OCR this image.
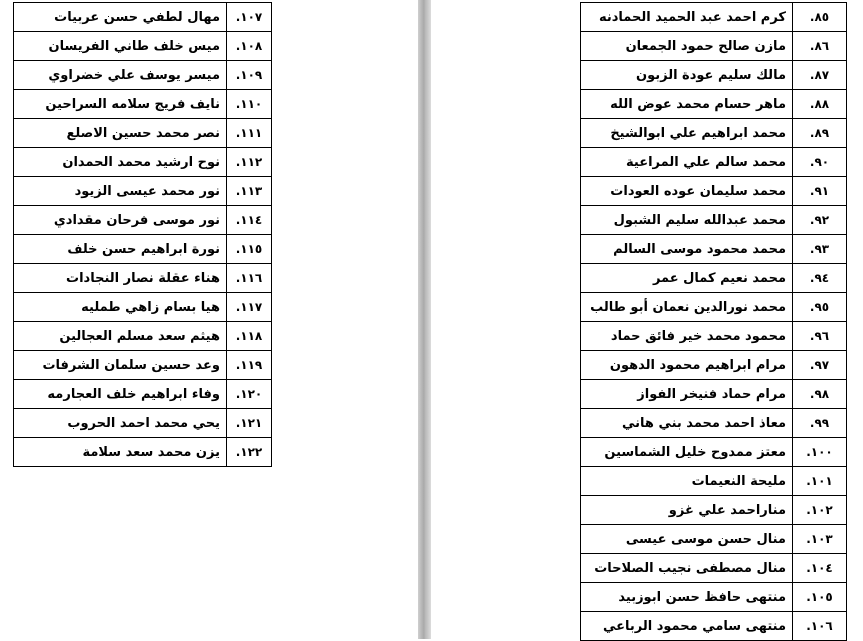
١٠٧.	مهال لطفي حسن عربيات
١٠٨.	ميس خلف طاني الفريسان
١٠٩.	ميسر يوسف علي خضراوي
١١٠.	نايف فريج سلامه السراحين
١١١.	نصر محمد حسين الاصلع
١١٢.	نوح ارشيد محمد الحمدان
١١٣.	نور محمد عيسى الزيود
١١٤.	نور موسى فرحان مقدادي
١١٥.	نورة ابراهيم حسن خلف
١١٦.	هناء عقلة نصار النجادات
١١٧.	هيا بسام زاهي طمليه
١١٨.	هيثم سعد مسلم العجالين
١١٩.	وعد حسين سلمان الشرفات
١٢٠.	وفاء ابراهيم خلف العجارمه
١٢١.	يحي محمد احمد الحروب
١٢٢.	يزن محمد سعد سلامة
٨٥.	كرم احمد عبد الحميد الحمادنه
٨٦.	مازن صالح حمود الجمعان
٨٧.	مالك سليم عودة الزبون
٨٨.	ماهر حسام محمد عوض الله
٨٩.	محمد ابراهيم علي ابوالشيخ
٩٠.	محمد سالم علي المراعية
٩١.	محمد سليمان عوده العودات
٩٢.	محمد عبدالله سليم الشبول
٩٣.	محمد محمود موسى السالم
٩٤.	محمد نعيم كمال عمر
٩٥.	محمد نورالدين نعمان أبو طالب
٩٦.	محمود محمد خير فائق حماد
٩٧.	مرام ابراهيم محمود الدهون
٩٨.	مرام حماد فنيخر الفواز
٩٩.	معاذ احمد محمد بني هاني
١٠٠.	معتز ممدوح خليل الشماسين
١٠١.	مليحة النعيمات
١٠٢.	مناراحمد علي غزو
١٠٣.	منال حسن موسى عيسى
١٠٤.	منال مصطفى نجيب الصلاحات
١٠٥.	منتهى حافظ حسن ابوزبيد
١٠٦.	منتهى سامي محمود الرباعي
